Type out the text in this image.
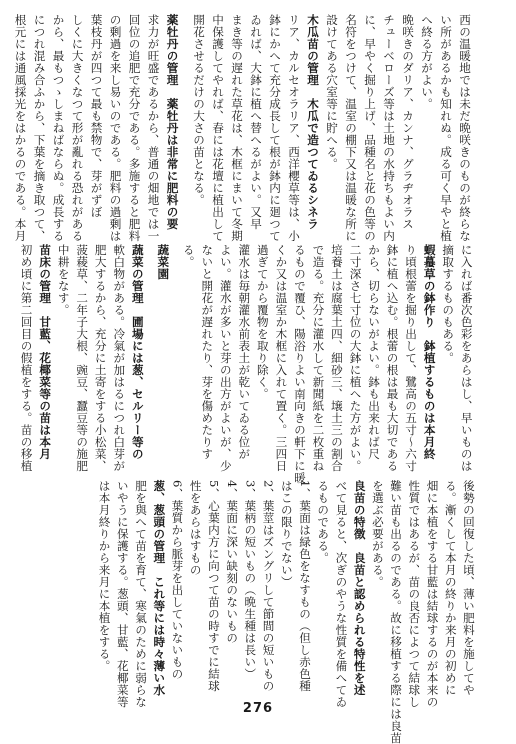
西の温暖地では未だ晩咲きのものが終らな
い所があるかも知れぬ。成る可く早やと植
へ終る方がよい。
晩咲きのダリア、カンナ、グラヂオラス
チューベローズ等は土地の水持ちもよい内
に、早やく掘り上げ、品種名と花の色等の
名符をつけて、温室の棚下又は温暖な所に
設けてある穴室等に貯へる。
木瓜苗の管理　木瓜で造つてゐるシネラ
リア、カルセオラリア、西洋櫻草等は、小
鉢にかへて充分成長して根が鉢内に廻つて
ゐれば、大鉢に植へ替へるがよい。又早
まき等の遅れた草花は、木框にまいて冬期
中保護してやれば、春には花壇に植出して
開花させるだけの大さの苗となる。
薬牡丹の管理　薬牡丹は非常に肥料の要
求力が旺盛であるから、普通の畑地では一
回位の追肥で充分である。多施すると肥料
の剰過を来し易いのである。肥料の過剰は
葉枝丹が四つて最も禁物で、芽がずぼ
しくに大きくなつて形が亂れる恐れがある
から、最もつゝしまねばならぬ。成長する
につれ混み合ふから、下葉を摘き取つて、
根元には通風採光をはかるのである。本月
に入れば番次色彩をあらはし、早いものは
摘取するものもある。
蝦蟇草の鉢作り　鉢植するものは本月終
り頃根蕾を掘り出して、鷺高の五寸～六寸
鉢に植へ込む。根蕾の根は最も大切である
から、切らないがよい。鉢も出来れば尺
二寸深さ七寸位の大鉢に植へた方がよい。
培養土は腐葉土四、細砂三、壌土三の割合
で造る。充分に灌水して新聞紙を二枚重ね
るもので覆ひ、陽浴りよい南向きの軒下に暖
くか又は温室か木框に入れて置く。三四日
過ぎてから覆物を取り除く。
灌水は毎朝灌水前表土が乾いてゐる位が
よい。灌水が多いと芽の出方がよいが、少
ないと開花が遅れたり、芽を傷めたりす
る。
蔬菜園
蔬菜の管理　圃場には葱、セルリー等の
軟白物がある。冷氣が加はるにつれ白芽が
肥大するから、充分に土寄をする小松菜、
菠薐草、二年子大根、豌豆、蠶豆等の施肥
中耕をなす。
苗床の管理　甘藍、花椰菜等の苗は本月
初め頃に第二回目の假植をする。苗の移植
後勢の回復した頃、薄い肥料を施してや
る。漸くして本月の終りか来月の初めに
畑に本植をする甘藍は結球するのが本来の
性質ではあるが、苗の良否によつて結球し
難い苗も出るのである。故に移植する際には良苗
を選ぶ必要がある。
良苗の特徴　良苗と認められる特性を述
べて見ると、次ぎのやうな性質を備へてゐ
るものである。
1、葉面は緑色をなすもの（但し赤色種
はこの限りでない）
2、葉莖はズングリして節間の短いもの
3、葉柄の短いもの（晩生種は長い）
4、葉面に深い缺刻のないもの
5、心葉内方に向つて苗の時すでに結球
性をあらはすもの
6、葉質から脈芽を出していないもの
葱、葱頭の管理　これ等には時々薄い水
肥を與へて苗を育て、寒氣のために弱らな
いやうに保護する。葱頭、甘藍、花椰菜等
は本月終りから来月に本植をする。
276
